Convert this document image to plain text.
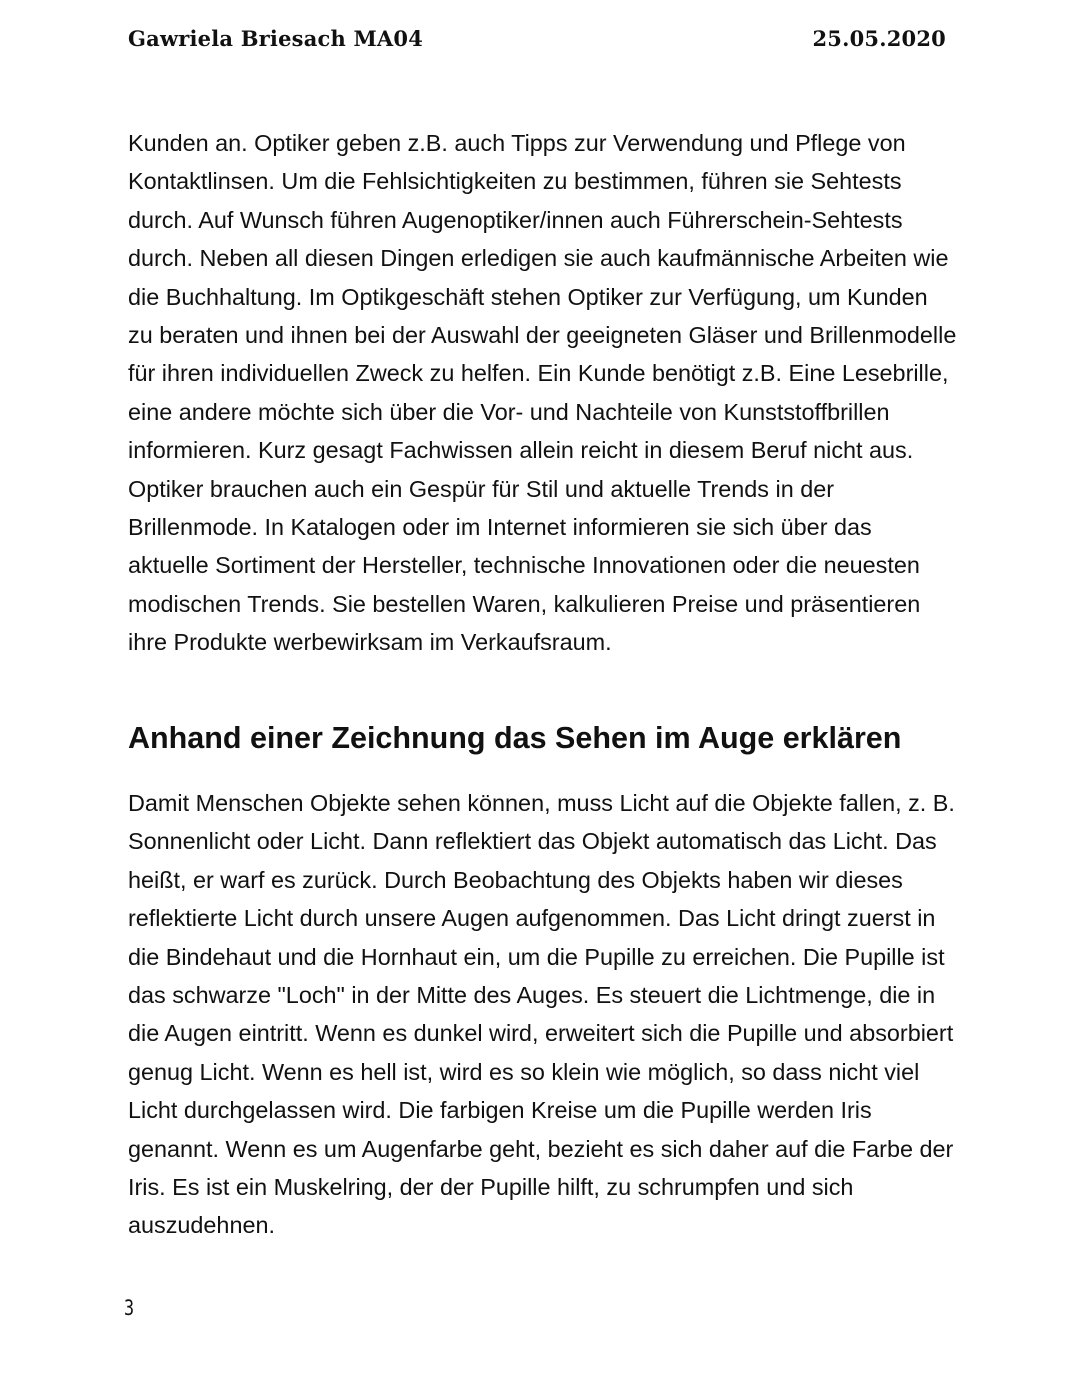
Gawriela Briesach MA04	25.05.2020

Kunden an. Optiker geben z.B. auch Tipps zur Verwendung und Pflege von Kontaktlinsen. Um die Fehlsichtigkeiten zu bestimmen, führen sie Sehtests durch. Auf Wunsch führen Augenoptiker/innen auch Führerschein-Sehtests durch. Neben all diesen Dingen erledigen sie auch kaufmännische Arbeiten wie die Buchhaltung. Im Optikgeschäft stehen Optiker zur Verfügung, um Kunden zu beraten und ihnen bei der Auswahl der geeigneten Gläser und Brillenmodelle für ihren individuellen Zweck zu helfen. Ein Kunde benötigt z.B. Eine Lesebrille, eine andere möchte sich über die Vor- und Nachteile von Kunststoffbrillen informieren. Kurz gesagt Fachwissen allein reicht in diesem Beruf nicht aus. Optiker brauchen auch ein Gespür für Stil und aktuelle Trends in der Brillenmode. In Katalogen oder im Internet informieren sie sich über das aktuelle Sortiment der Hersteller, technische Innovationen oder die neuesten modischen Trends. Sie bestellen Waren, kalkulieren Preise und präsentieren ihre Produkte werbewirksam im Verkaufsraum.

Anhand einer Zeichnung das Sehen im Auge erklären

Damit Menschen Objekte sehen können, muss Licht auf die Objekte fallen, z. B. Sonnenlicht oder Licht. Dann reflektiert das Objekt automatisch das Licht. Das heißt, er warf es zurück. Durch Beobachtung des Objekts haben wir dieses reflektierte Licht durch unsere Augen aufgenommen. Das Licht dringt zuerst in die Bindehaut und die Hornhaut ein, um die Pupille zu erreichen. Die Pupille ist das schwarze "Loch" in der Mitte des Auges. Es steuert die Lichtmenge, die in die Augen eintritt. Wenn es dunkel wird, erweitert sich die Pupille und absorbiert genug Licht. Wenn es hell ist, wird es so klein wie möglich, so dass nicht viel Licht durchgelassen wird. Die farbigen Kreise um die Pupille werden Iris genannt. Wenn es um Augenfarbe geht, bezieht es sich daher auf die Farbe der Iris. Es ist ein Muskelring, der der Pupille hilft, zu schrumpfen und sich auszudehnen.

3
